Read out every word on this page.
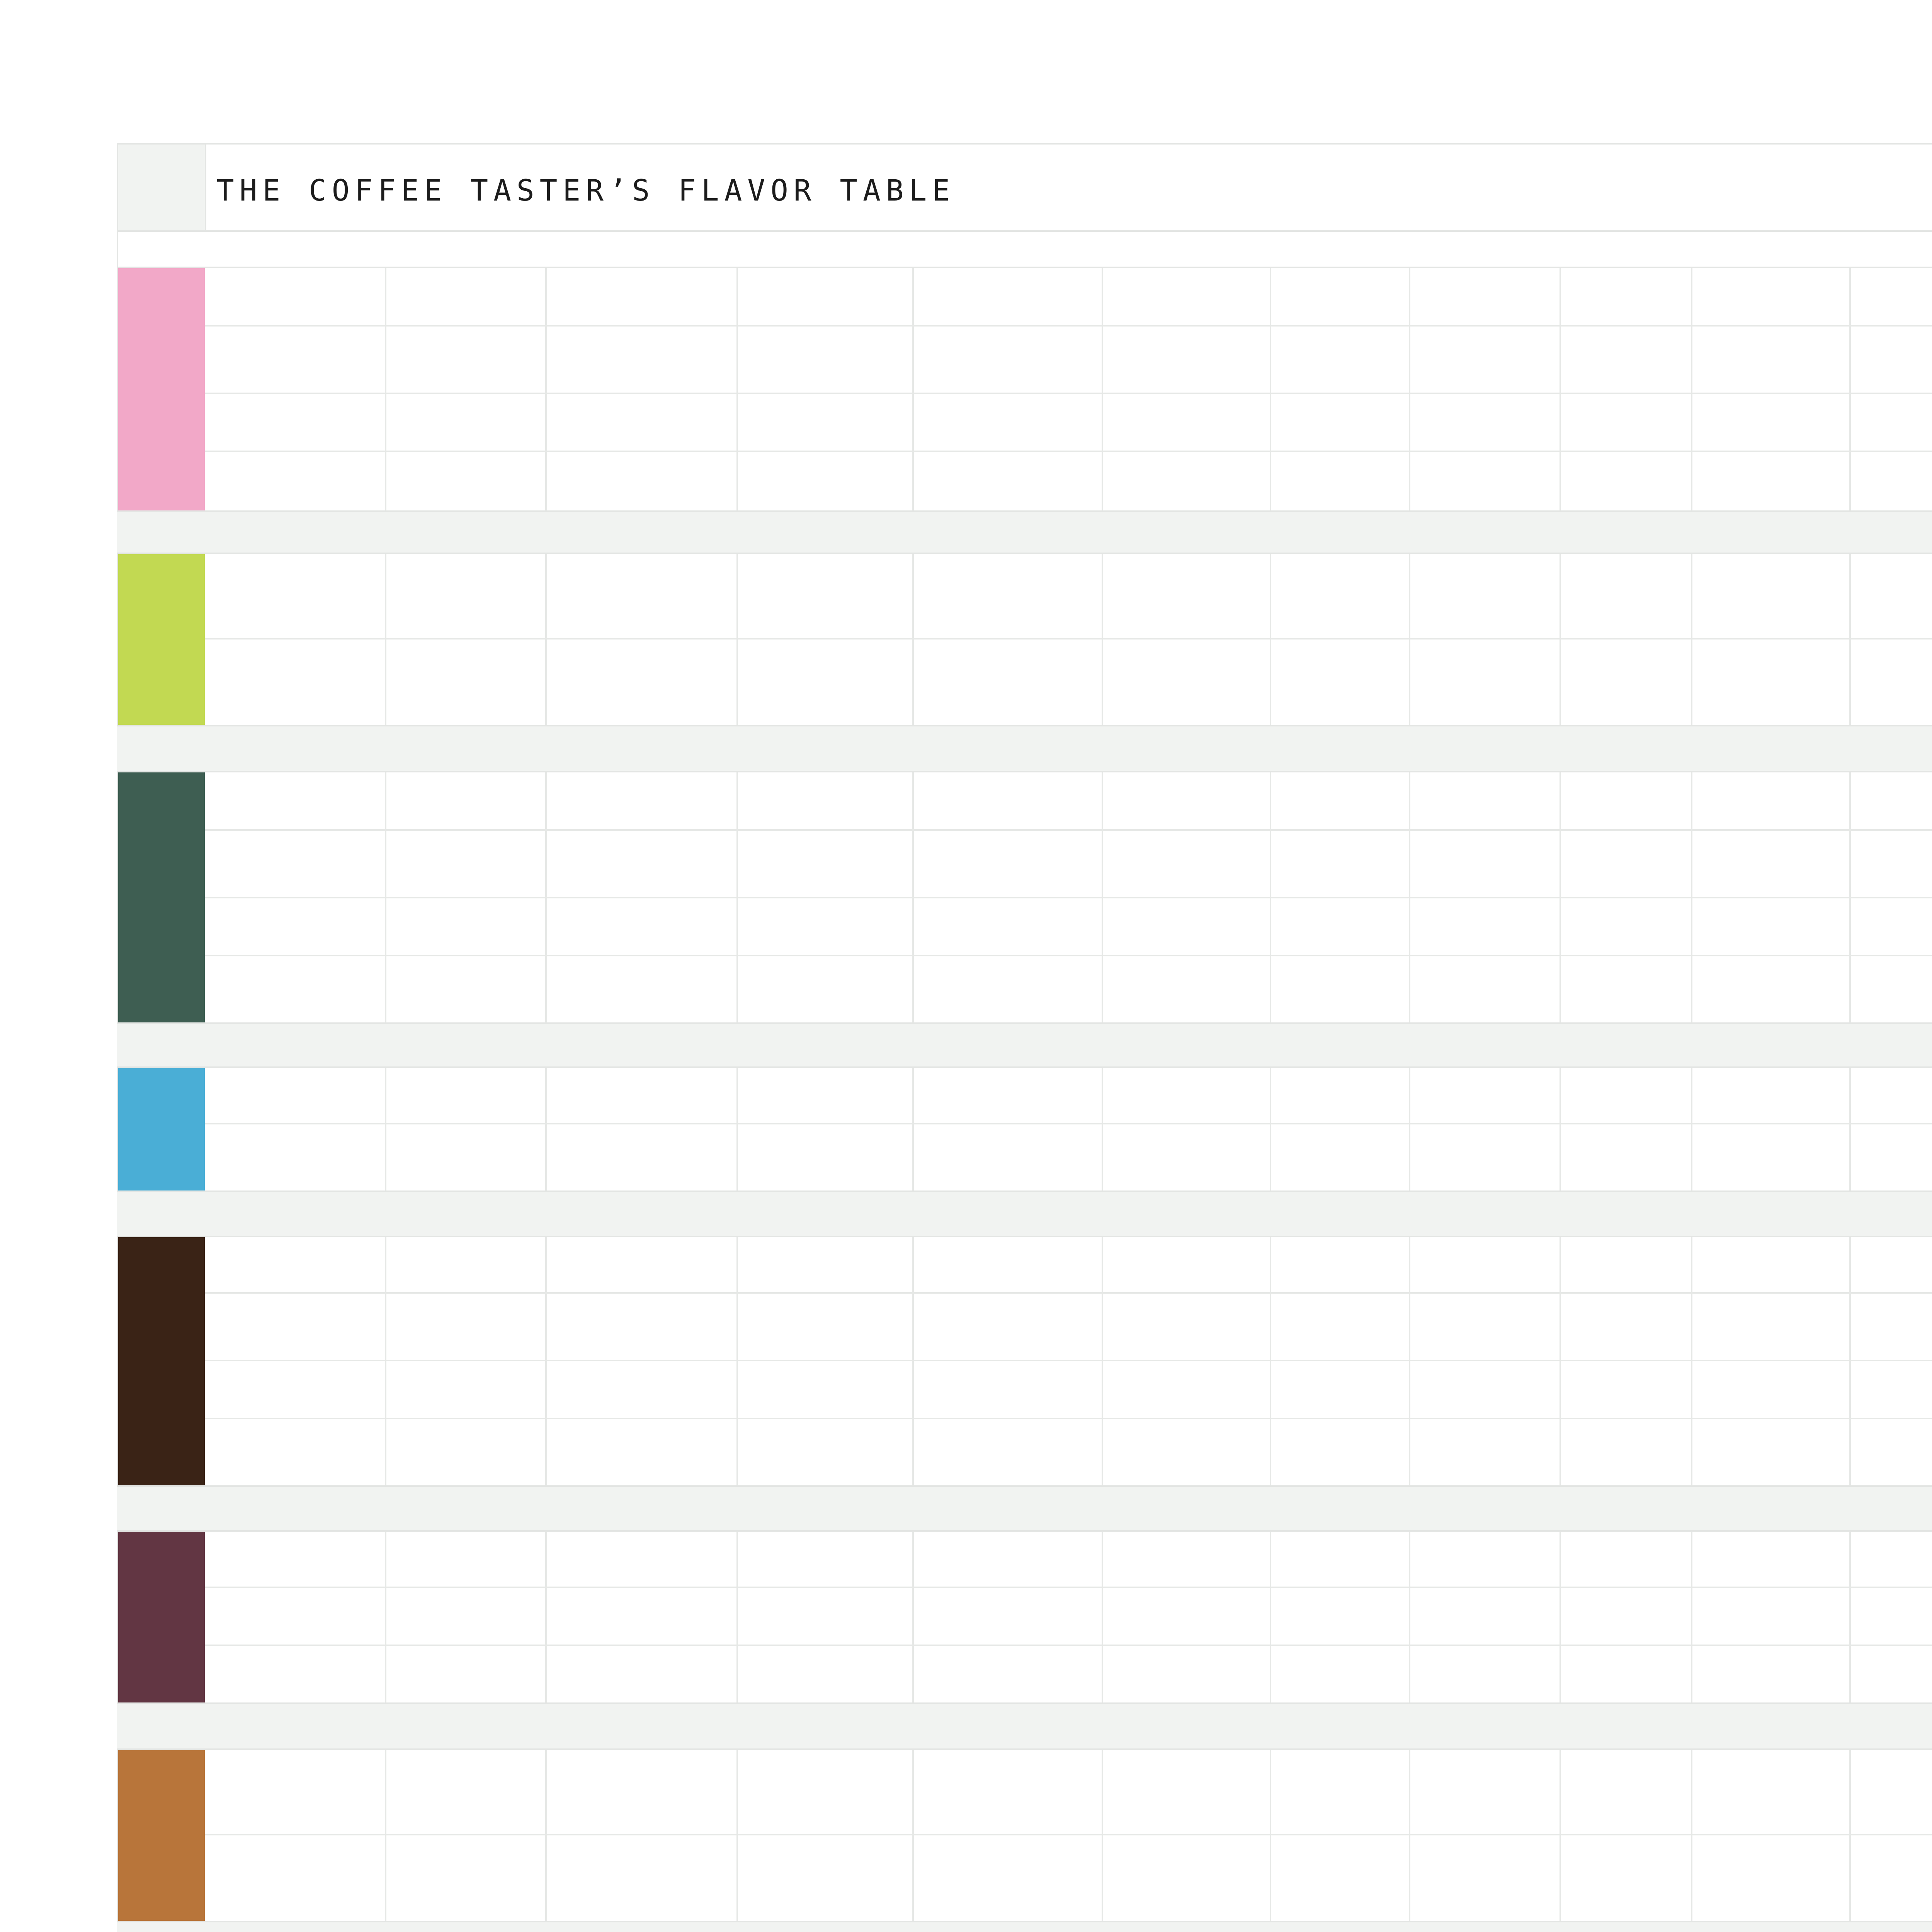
THE COFFEE TASTER’S FLAVOR TABLE
